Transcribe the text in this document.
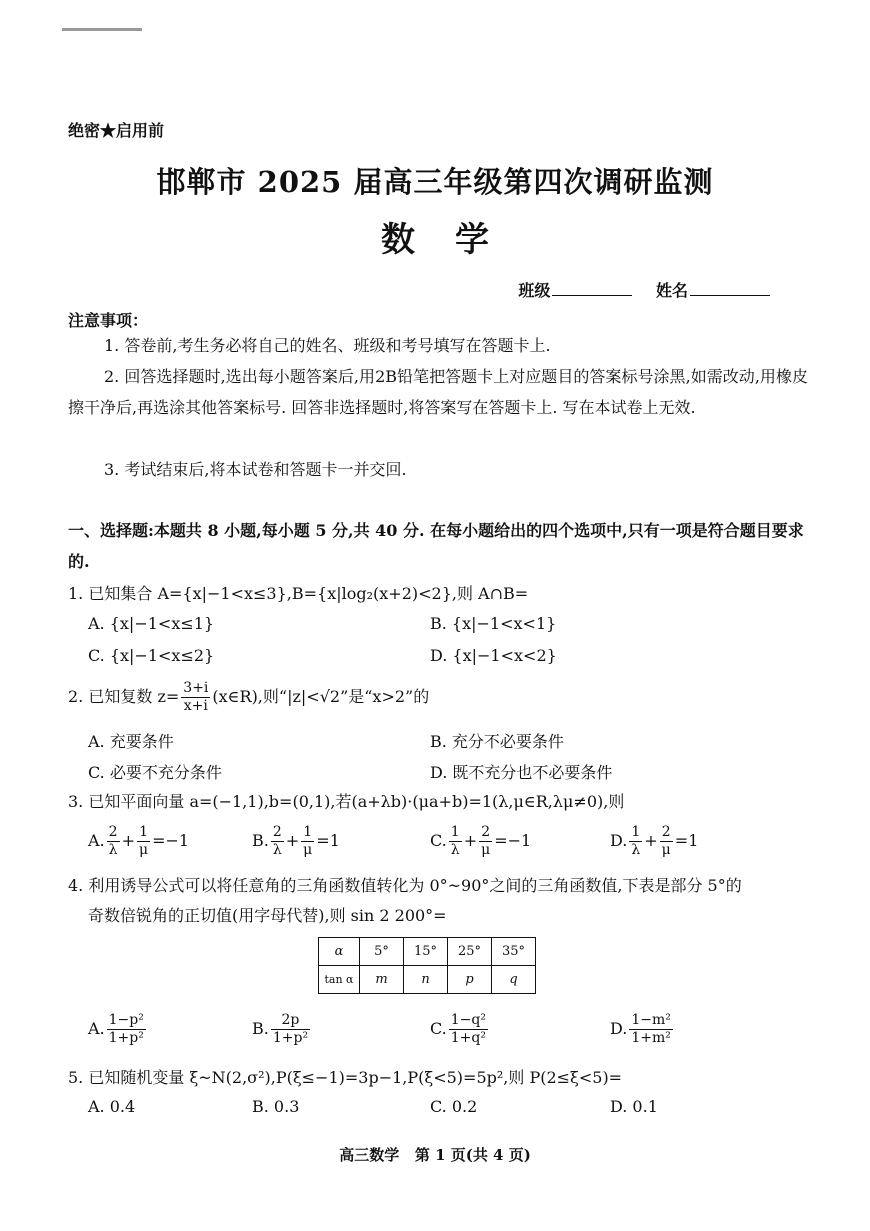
绝密★启用前
邯郸市 2025 届高三年级第四次调研监测
数学
班级	姓名
注意事项：
1. 答卷前,考生务必将自己的姓名、班级和考号填写在答题卡上.
2. 回答选择题时,选出每小题答案后,用2B铅笔把答题卡上对应题目的答案标号涂黑,如需改动,用橡皮擦干净后,再选涂其他答案标号. 回答非选择题时,将答案写在答题卡上. 写在本试卷上无效.
3. 考试结束后,将本试卷和答题卡一并交回.
一、选择题:本题共 8 小题,每小题 5 分,共 40 分. 在每小题给出的四个选项中,只有一项是符合题目要求的.
1. 已知集合 A={x|−1<x≤3},B={x|log₂(x+2)<2},则 A∩B=
A. {x|−1<x≤1}	B. {x|−1<x<1}
C. {x|−1<x≤2}	D. {x|−1<x<2}
2. 已知复数 $z= \frac{3+i}{x+i}$ (x∈R),则“|z|<√2”是“x>2”的
A. 充要条件	B. 充分不必要条件
C. 必要不充分条件	D. 既不充分也不必要条件
3. 已知平面向量 a=(−1,1),b=(0,1),若(a+λb)·(μa+b)=1(λ,μ∈R,λμ≠0),则
A. $\frac{2}{\lambda} + \frac{1}{\mu} =-1$	B. $\frac{2}{\lambda} + \frac{1}{\mu} =1$	C. $\frac{1}{\lambda} + \frac{2}{\mu} =-1$	D. $\frac{1}{\lambda} + \frac{2}{\mu} =1$
4. 利用诱导公式可以将任意角的三角函数值转化为 0°~90°之间的三角函数值,下表是部分 5°的
奇数倍锐角的正切值(用字母代替),则 sin 2 200°=
α	5°	15°	25°	35°
tan α	m	n	p	q
A. $\frac{\text{1−p²}}{\text{1+p²}}$	B. $\frac{2p}{\text{1+p²}}$	C. $\frac{\text{1−q²}}{\text{1+q²}}$	D. $\frac{\text{1−m²}}{\text{1+m²}}$
5. 已知随机变量 ξ~N(2,σ²),P(ξ≤−1)=3p−1,P(ξ<5)=5p²,则 P(2≤ξ<5)=
A. 0.4	B. 0.3	C. 0.2	D. 0.1
高三数学   第 1 页(共 4 页)
